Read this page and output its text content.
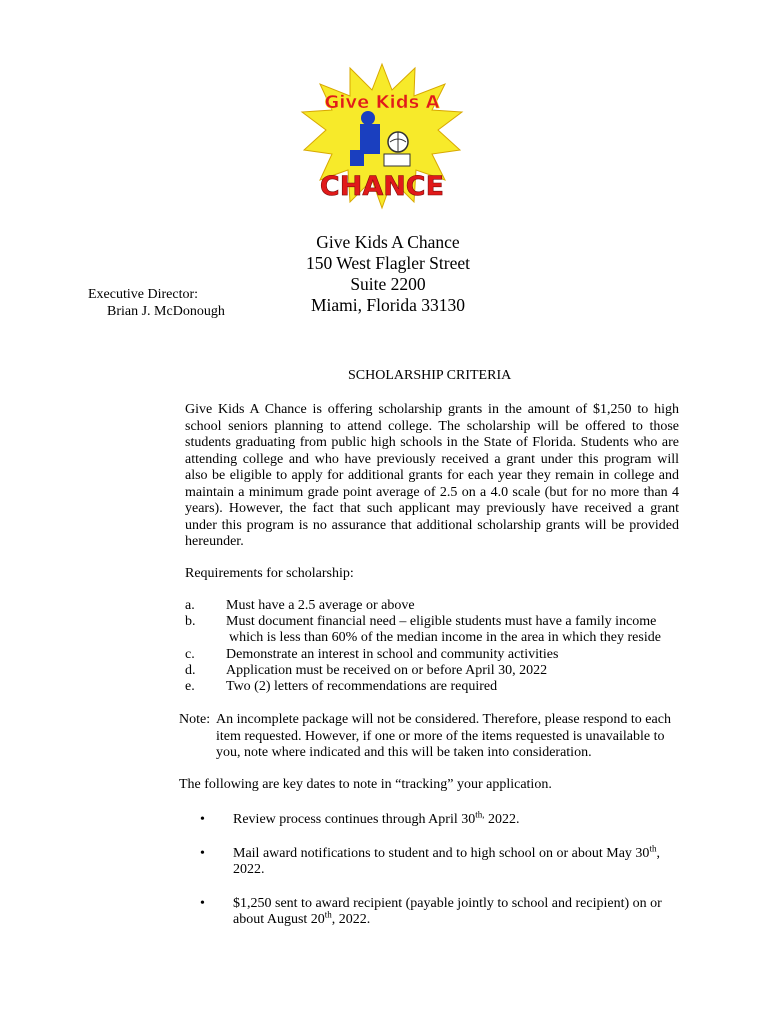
Give Kids A
CHANCE
Executive Director:
Brian J. McDonough
Give Kids A Chance
150 West Flagler Street
Suite 2200
Miami, Florida 33130
SCHOLARSHIP CRITERIA
Give Kids A Chance is offering scholarship grants in the amount of $1,250 to high school seniors planning to attend college. The scholarship will be offered to those students graduating from public high schools in the State of Florida. Students who are attending college and who have previously received a grant under this program will also be eligible to apply for additional grants for each year they remain in college and maintain a minimum grade point average of 2.5 on a 4.0 scale (but for no more than 4 years). However, the fact that such applicant may previously have received a grant under this program is no assurance that additional scholarship grants will be provided hereunder.
Requirements for scholarship:
a.	Must have a 2.5 average or above
b.	Must document financial need – eligible students must have a family income
which is less than 60% of the median income in the area in which they reside
c.	Demonstrate an interest in school and community activities
d.	Application must be received on or before April 30, 2022
e.	Two (2) letters of recommendations are required
Note: An incomplete package will not be considered. Therefore, please respond to each item requested. However, if one or more of the items requested is unavailable to you, note where indicated and this will be taken into consideration.
The following are key dates to note in “tracking” your application.
•	Review process continues through April $30^{th,}$ 2022.
•	Mail award notifications to student and to high school on or about May 30th, 2022.
•	$1,250 sent to award recipient (payable jointly to school and recipient) on or about August 20th, 2022.
